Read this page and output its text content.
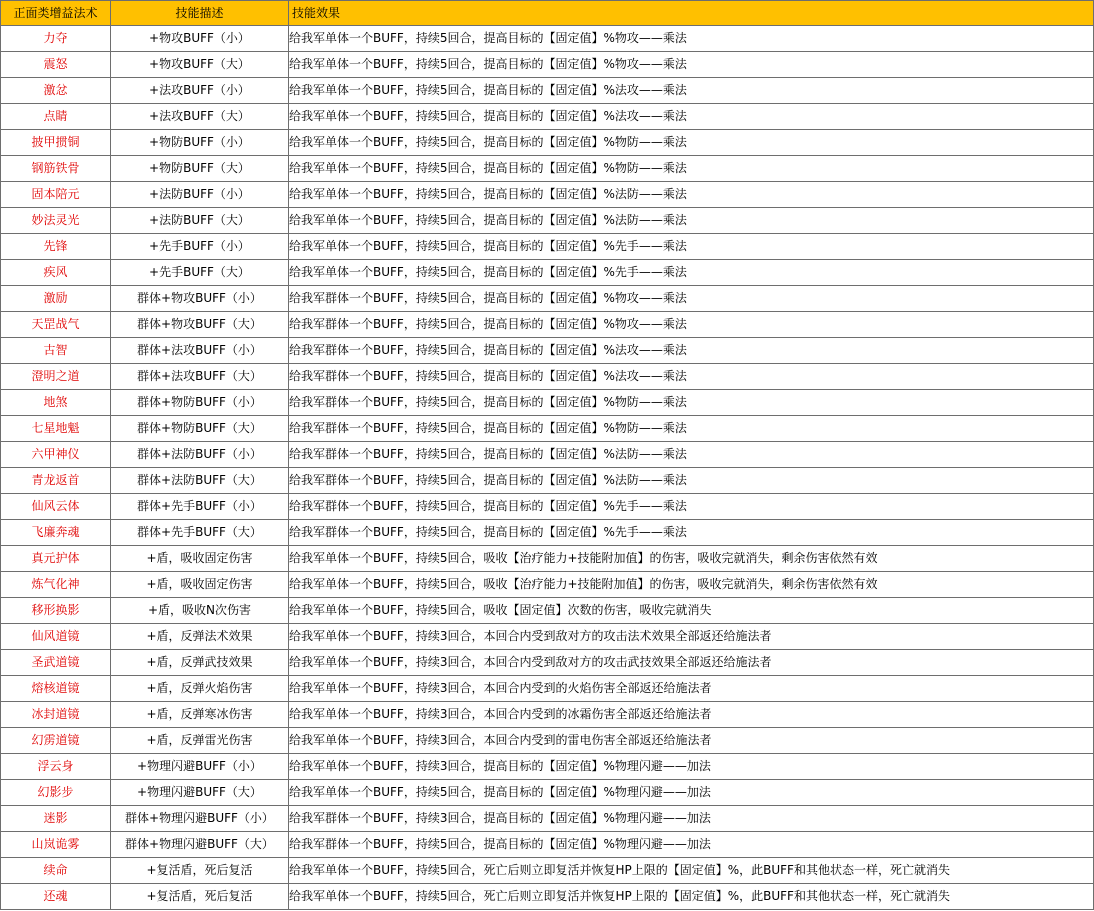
正面类增益法术	技能描述	技能效果
力夺	+物攻BUFF（小）	给我军单体一个BUFF，持续5回合，提高目标的【固定值】%物攻——乘法
震怒	+物攻BUFF（大）	给我军单体一个BUFF，持续5回合，提高目标的【固定值】%物攻——乘法
激忿	+法攻BUFF（小）	给我军单体一个BUFF，持续5回合，提高目标的【固定值】%法攻——乘法
点睛	+法攻BUFF（大）	给我军单体一个BUFF，持续5回合，提高目标的【固定值】%法攻——乘法
披甲掼铜	+物防BUFF（小）	给我军单体一个BUFF，持续5回合，提高目标的【固定值】%物防——乘法
钢筋铁骨	+物防BUFF（大）	给我军单体一个BUFF，持续5回合，提高目标的【固定值】%物防——乘法
固本陪元	+法防BUFF（小）	给我军单体一个BUFF，持续5回合，提高目标的【固定值】%法防——乘法
妙法灵光	+法防BUFF（大）	给我军单体一个BUFF，持续5回合，提高目标的【固定值】%法防——乘法
先锋	+先手BUFF（小）	给我军单体一个BUFF，持续5回合，提高目标的【固定值】%先手——乘法
疾风	+先手BUFF（大）	给我军单体一个BUFF，持续5回合，提高目标的【固定值】%先手——乘法
激励	群体+物攻BUFF（小）	给我军群体一个BUFF，持续5回合，提高目标的【固定值】%物攻——乘法
天罡战气	群体+物攻BUFF（大）	给我军群体一个BUFF，持续5回合，提高目标的【固定值】%物攻——乘法
古智	群体+法攻BUFF（小）	给我军群体一个BUFF，持续5回合，提高目标的【固定值】%法攻——乘法
澄明之道	群体+法攻BUFF（大）	给我军群体一个BUFF，持续5回合，提高目标的【固定值】%法攻——乘法
地煞	群体+物防BUFF（小）	给我军群体一个BUFF，持续5回合，提高目标的【固定值】%物防——乘法
七星地魁	群体+物防BUFF（大）	给我军群体一个BUFF，持续5回合，提高目标的【固定值】%物防——乘法
六甲神仪	群体+法防BUFF（小）	给我军群体一个BUFF，持续5回合，提高目标的【固定值】%法防——乘法
青龙返首	群体+法防BUFF（大）	给我军群体一个BUFF，持续5回合，提高目标的【固定值】%法防——乘法
仙风云体	群体+先手BUFF（小）	给我军群体一个BUFF，持续5回合，提高目标的【固定值】%先手——乘法
飞廉奔魂	群体+先手BUFF（大）	给我军群体一个BUFF，持续5回合，提高目标的【固定值】%先手——乘法
真元护体	+盾，吸收固定伤害	给我军单体一个BUFF，持续5回合，吸收【治疗能力+技能附加值】的伤害，吸收完就消失，剩余伤害依然有效
炼气化神	+盾，吸收固定伤害	给我军单体一个BUFF，持续5回合，吸收【治疗能力+技能附加值】的伤害，吸收完就消失，剩余伤害依然有效
移形换影	+盾，吸收N次伤害	给我军单体一个BUFF，持续5回合，吸收【固定值】次数的伤害，吸收完就消失
仙风道镜	+盾，反弹法术效果	给我军单体一个BUFF，持续3回合，本回合内受到敌对方的攻击法术效果全部返还给施法者
圣武道镜	+盾，反弹武技效果	给我军单体一个BUFF，持续3回合，本回合内受到敌对方的攻击武技效果全部返还给施法者
熔核道镜	+盾，反弹火焰伤害	给我军单体一个BUFF，持续3回合，本回合内受到的火焰伤害全部返还给施法者
冰封道镜	+盾，反弹寒冰伤害	给我军单体一个BUFF，持续3回合，本回合内受到的冰霜伤害全部返还给施法者
幻雳道镜	+盾，反弹雷光伤害	给我军单体一个BUFF，持续3回合，本回合内受到的雷电伤害全部返还给施法者
浮云身	+物理闪避BUFF（小）	给我军单体一个BUFF，持续3回合，提高目标的【固定值】%物理闪避——加法
幻影步	+物理闪避BUFF（大）	给我军单体一个BUFF，持续5回合，提高目标的【固定值】%物理闪避——加法
迷影	群体+物理闪避BUFF（小）	给我军群体一个BUFF，持续3回合，提高目标的【固定值】%物理闪避——加法
山岚诡雾	群体+物理闪避BUFF（大）	给我军群体一个BUFF，持续5回合，提高目标的【固定值】%物理闪避——加法
续命	+复活盾，死后复活	给我军单体一个BUFF，持续5回合，死亡后则立即复活并恢复HP上限的【固定值】%，此BUFF和其他状态一样，死亡就消失
还魂	+复活盾，死后复活	给我军单体一个BUFF，持续5回合，死亡后则立即复活并恢复HP上限的【固定值】%，此BUFF和其他状态一样，死亡就消失
